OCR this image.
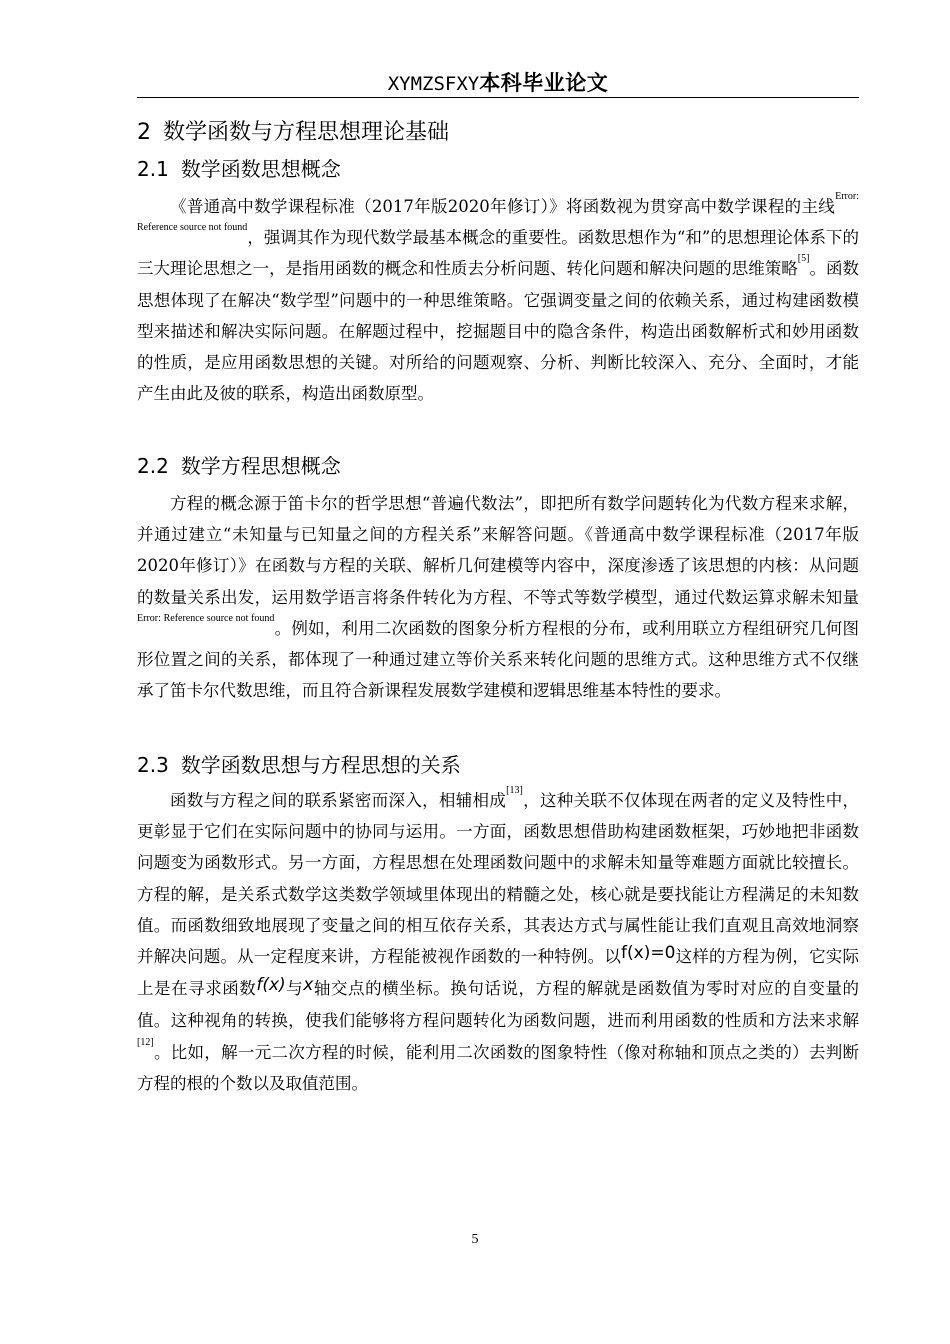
XYMZSFXY本科毕业论文
2 数学函数与方程思想理论基础
2.1 数学函数思想概念

《普通高中数学课程标准（2017年版2020年修订）》将函数视为贯穿高中数学课程的主线$^{Error: Reference source not found}$，强调其作为现代数学最基本概念的重要性。函数思想作为“和”的思想理论体系下的三大理论思想之一，是指用函数的概念和性质去分析问题、转化问题和解决问题的思维策略[5]。函数思想体现了在解决“数学型”问题中的一种思维策略。它强调变量之间的依赖关系，通过构建函数模型来描述和解决实际问题。在解题过程中，挖掘题目中的隐含条件，构造出函数解析式和妙用函数的性质，是应用函数思想的关键。对所给的问题观察、分析、判断比较深入、充分、全面时，才能产生由此及彼的联系，构造出函数原型。

2.2 数学方程思想概念

方程的概念源于笛卡尔的哲学思想“普遍代数法”，即把所有数学问题转化为代数方程来求解，并通过建立“未知量与已知量之间的方程关系”来解答问题。《普通高中数学课程标准（2017年版2020年修订）》在函数与方程的关联、解析几何建模等内容中，深度渗透了该思想的内核：从问题的数量关系出发，运用数学语言将条件转化为方程、不等式等数学模型，通过代数运算求解未知量$^{Error: Reference source not found}$。例如，利用二次函数的图象分析方程根的分布，或利用联立方程组研究几何图形位置之间的关系，都体现了一种通过建立等价关系来转化问题的思维方式。这种思维方式不仅继承了笛卡尔代数思维，而且符合新课程发展数学建模和逻辑思维基本特性的要求。

2.3 数学函数思想与方程思想的关系

函数与方程之间的联系紧密而深入，相辅相成[13]，这种关联不仅体现在两者的定义及特性中，更彰显于它们在实际问题中的协同与运用。一方面，函数思想借助构建函数框架，巧妙地把非函数问题变为函数形式。另一方面，方程思想在处理函数问题中的求解未知量等难题方面就比较擅长。方程的解，是关系式数学这类数学领域里体现出的精髓之处，核心就是要找能让方程满足的未知数值。而函数细致地展现了变量之间的相互依存关系，其表达方式与属性能让我们直观且高效地洞察并解决问题。从一定程度来讲，方程能被视作函数的一种特例。以f(x)=0这样的方程为例，它实际上是在寻求函数f(x)与x轴交点的横坐标。换句话说，方程的解就是函数值为零时对应的自变量的值。这种视角的转换，使我们能够将方程问题转化为函数问题，进而利用函数的性质和方法来求解[12]。比如，解一元二次方程的时候，能利用二次函数的图象特性（像对称轴和顶点之类的）去判断方程的根的个数以及取值范围。

5
